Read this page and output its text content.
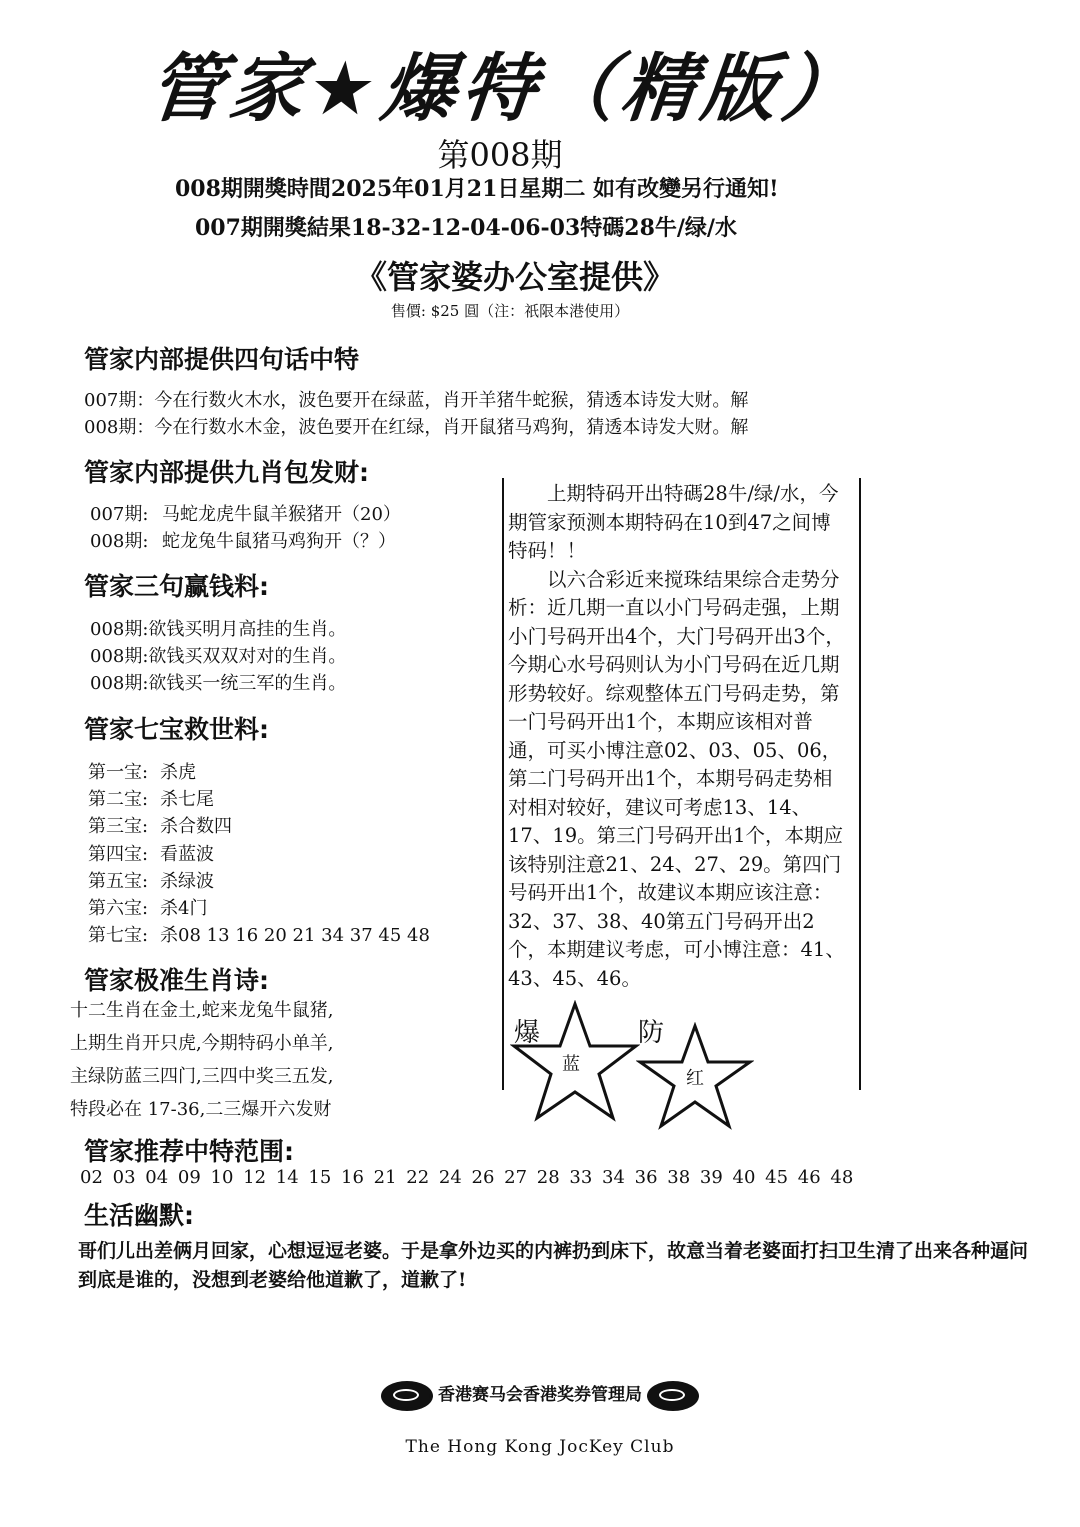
管家★爆特（精版）
第008期
008期開獎時間2025年01月21日星期二 如有改變另行通知!
007期開獎結果18-32-12-04-06-03特碼28牛/绿/水
《管家婆办公室提供》
售價: $25 圓（注：祇限本港使用）
管家内部提供四句话中特
007期：今在行数火木水，波色要开在绿蓝，肖开羊猪牛蛇猴，猜透本诗发大财。解
008期：今在行数水木金，波色要开在红绿，肖开鼠猪马鸡狗，猜透本诗发大财。解
管家内部提供九肖包发财:
007期: 马蛇龙虎牛鼠羊猴猪开（20）
008期: 蛇龙兔牛鼠猪马鸡狗开（？）
管家三句赢钱料:
008期:欲钱买明月高挂的生肖。
008期:欲钱买双双对对的生肖。
008期:欲钱买一统三军的生肖。
管家七宝救世料:
第一宝: 杀虎
第二宝: 杀七尾
第三宝: 杀合数四
第四宝: 看蓝波
第五宝: 杀绿波
第六宝: 杀4门
第七宝: 杀08 13 16 20 21 34 37 45 48
管家极准生肖诗:
十二生肖在金土,蛇来龙兔牛鼠猪,
上期生肖开只虎,今期特码小单羊,
主绿防蓝三四门,三四中奖三五发,
特段必在 17-36,二三爆开六发财

上期特码开出特碼28牛/绿/水，今期管家预测本期特码在10到47之间博特码！！

以六合彩近来搅珠结果综合走势分析：近几期一直以小门号码走强，上期小门号码开出4个，大门号码开出3个，今期心水号码则认为小门号码在近几期形势较好。综观整体五门号码走势，第一门号码开出1个，本期应该相对普通，可买小博注意02、03、05、06，第二门号码开出1个，本期号码走势相对相对较好，建议可考虑13、14、17、19。第三门号码开出1个，本期应该特别注意21、24、27、29。第四门号码开出1个，故建议本期应该注意：32、37、38、40第五门号码开出2个，本期建议考虑，可小博注意：41、43、45、46。

爆
蓝
防
红
管家推荐中特范围:
02 03 04 09 10 12 14 15 16 21 22 24 26 27 28 33 34 36 38 39 40 45 46 48
生活幽默:
哥们儿出差俩月回家，心想逗逗老婆。于是拿外边买的内裤扔到床下，故意当着老婆面打扫卫生清了出来各种逼问到底是谁的，没想到老婆给他道歉了，道歉了!
香港赛马会香港奖券管理局
The Hong Kong JocKey Club
